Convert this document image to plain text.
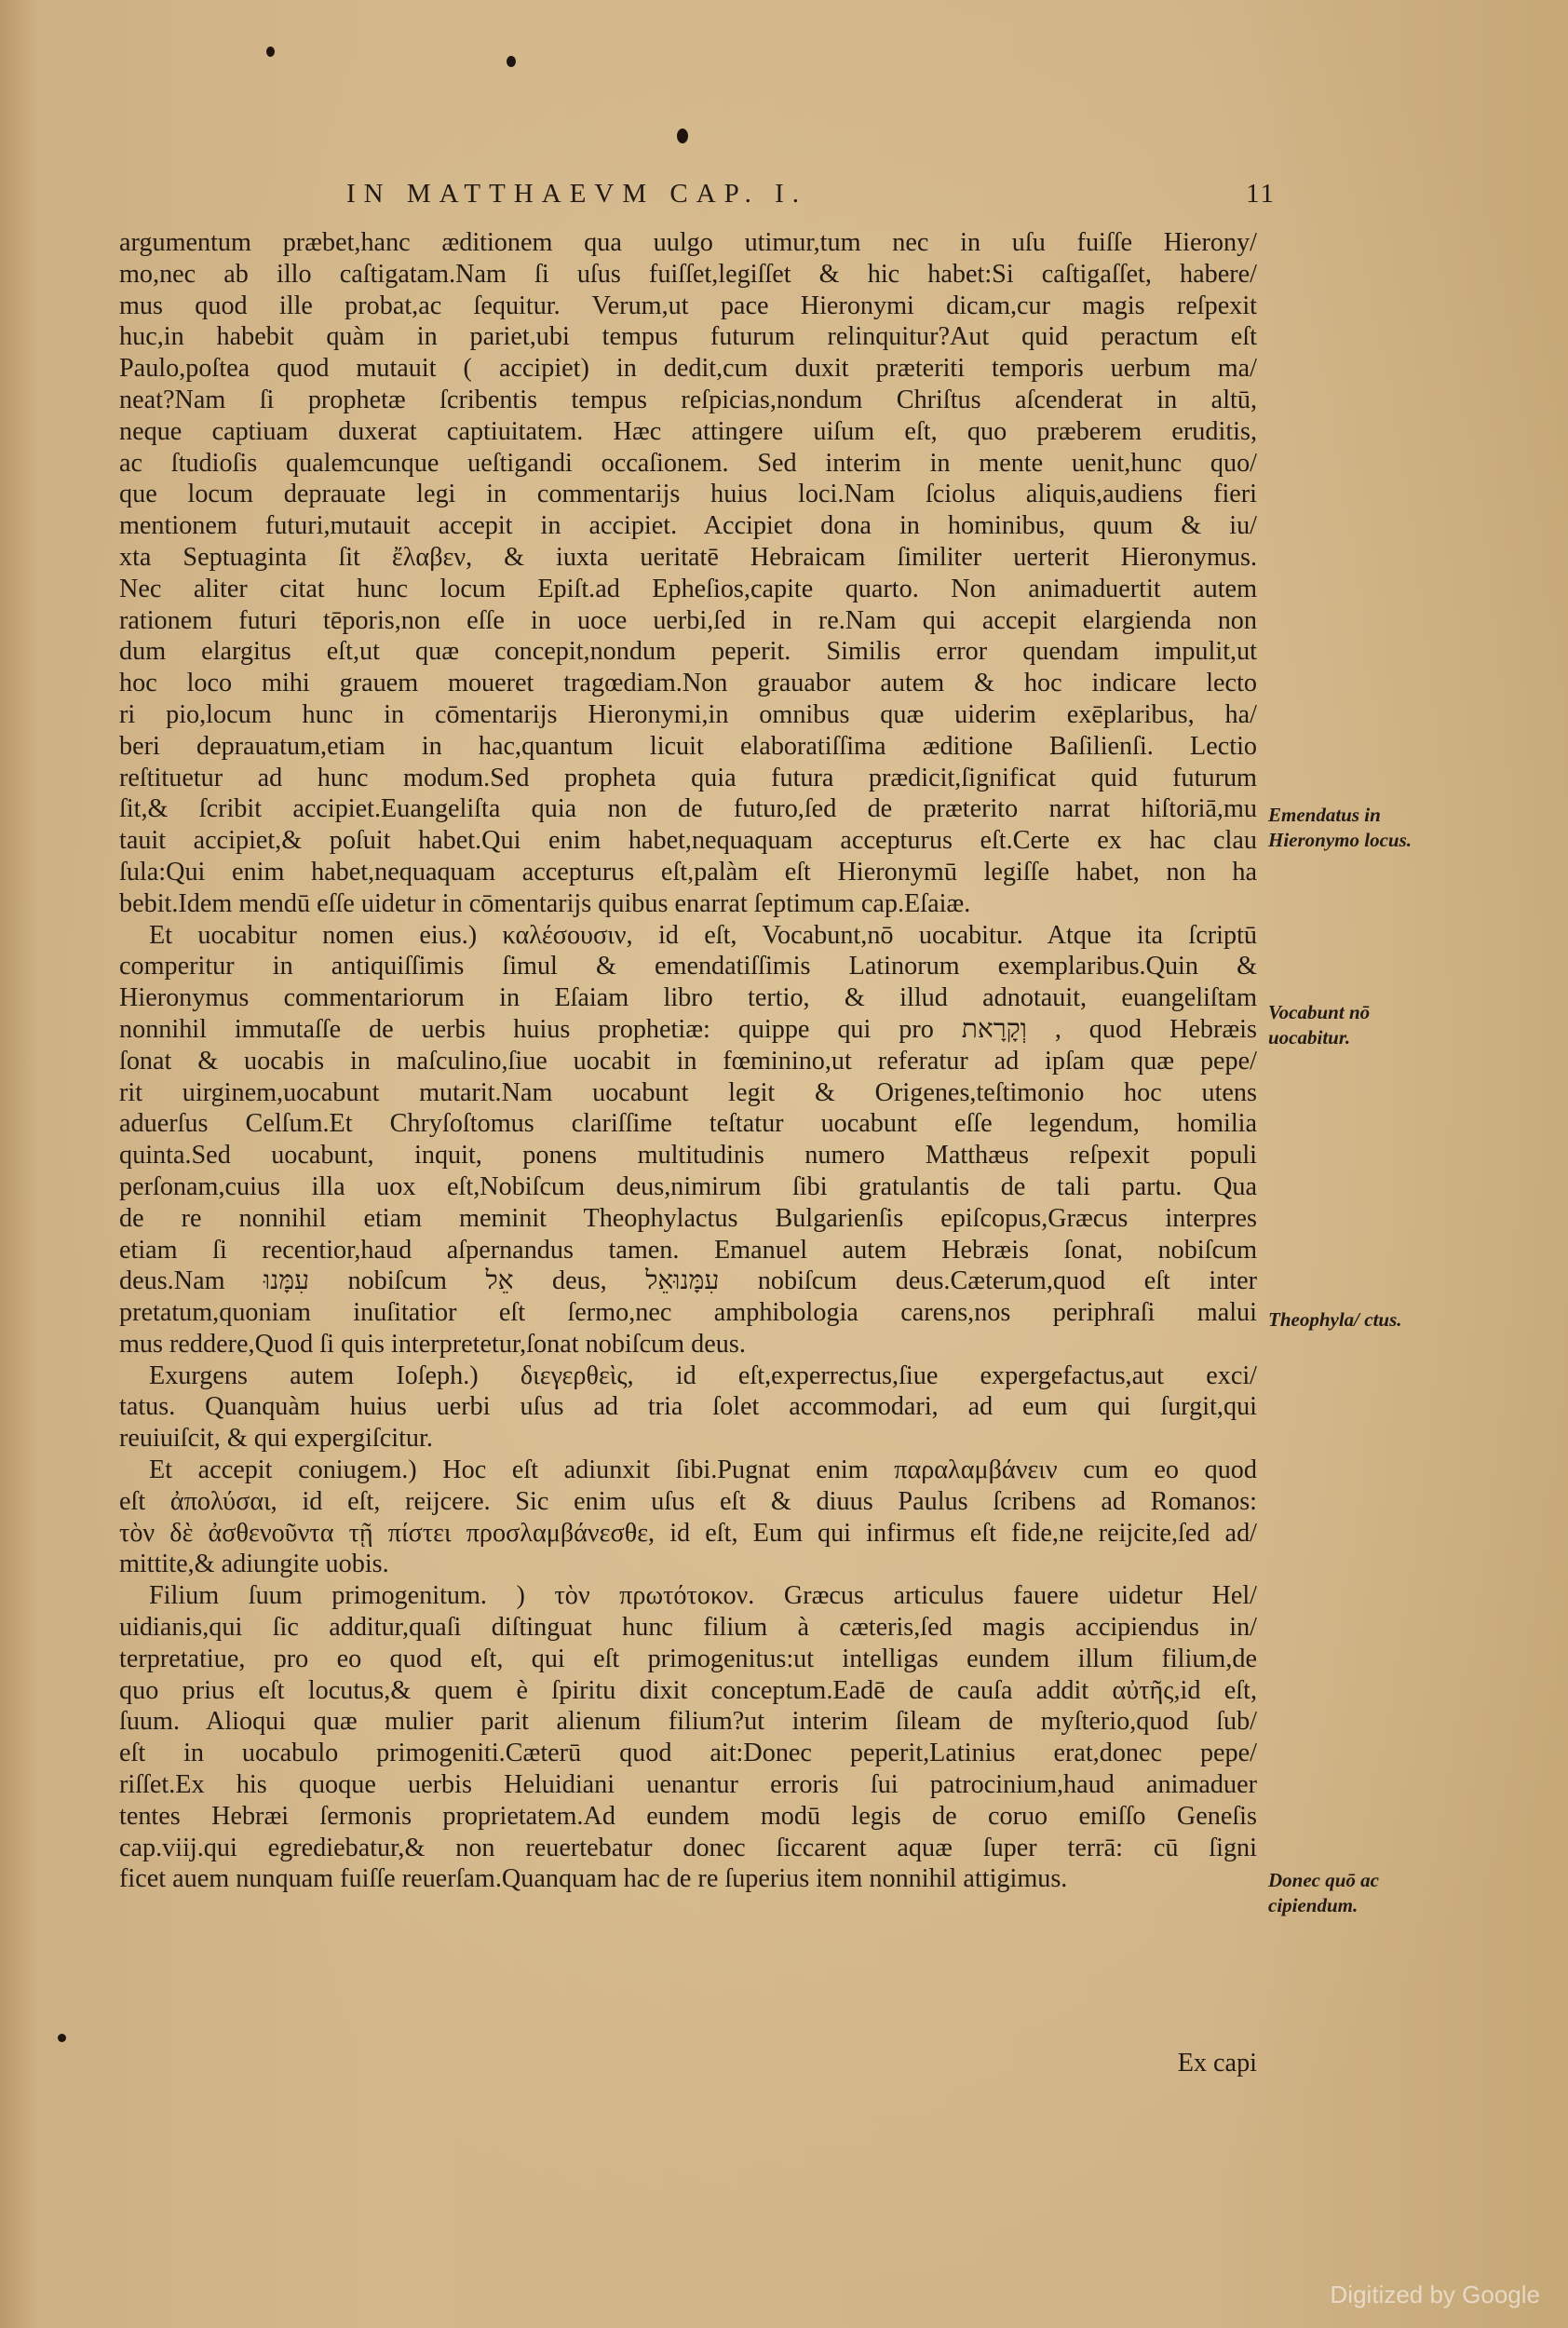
IN MATTHAEVM CAP. I.	11
argumentum præbet,hanc æditionem qua uulgo utimur,tum nec in uſu fuiſſe Hierony/
mo,nec ab illo caſtigatam.Nam ſi uſus fuiſſet,legiſſet & hic habet:Si caſtigaſſet, habere/
mus quod ille probat,ac ſequitur. Verum,ut pace Hieronymi dicam,cur magis reſpexit
huc,in habebit quàm in pariet,ubi tempus futurum relinquitur?Aut quid peractum eſt
Paulo,poſtea quod mutauit ( accipiet) in dedit,cum duxit præteriti temporis uerbum ma/
neat?Nam ſi prophetæ ſcribentis tempus reſpicias,nondum Chriſtus aſcenderat in altū,
neque captiuam duxerat captiuitatem. Hæc attingere uiſum eſt, quo præberem eruditis,
ac ſtudioſis qualemcunque ueſtigandi occaſionem. Sed interim in mente uenit,hunc quo/
que locum deprauate legi in commentarijs huius loci.Nam ſciolus aliquis,audiens fieri
mentionem futuri,mutauit accepit in accipiet. Accipiet dona in hominibus, quum & iu/
xta Septuaginta ſit ἔλαβεν, & iuxta ueritatē Hebraicam ſimiliter uerterit Hieronymus.
Nec aliter citat hunc locum Epiſt.ad Epheſios,capite quarto. Non animaduertit autem
rationem futuri tēporis,non eſſe in uoce uerbi,ſed in re.Nam qui accepit elargienda non
dum elargitus eſt,ut quæ concepit,nondum peperit. Similis error quendam impulit,ut
hoc loco mihi grauem moueret tragœdiam.Non grauabor autem & hoc indicare lecto
ri pio,locum hunc in cōmentarijs Hieronymi,in omnibus quæ uiderim exēplaribus, ha/
beri deprauatum,etiam in hac,quantum licuit elaboratiſſima æditione Baſilienſi. Lectio
reſtituetur ad hunc modum.Sed propheta quia futura prædicit,ſignificat quid futurum
ſit,& ſcribit accipiet.Euangeliſta quia non de futuro,ſed de præterito narrat hiſtoriā,mu
tauit accipiet,& poſuit habet.Qui enim habet,nequaquam accepturus eſt.Certe ex hac clau
ſula:Qui enim habet,nequaquam accepturus eſt,palàm eſt Hieronymū legiſſe habet, non ha
bebit.Idem mendū eſſe uidetur in cōmentarijs quibus enarrat ſeptimum cap.Eſaiæ.
Et uocabitur nomen eius.) καλέσουσιν, id eſt, Vocabunt,nō uocabitur. Atque ita ſcriptū
comperitur in antiquiſſimis ſimul & emendatiſſimis Latinorum exemplaribus.Quin &
Hieronymus commentariorum in Eſaiam libro tertio, & illud adnotauit, euangeliſtam
nonnihil immutaſſe de uerbis huius prophetiæ: quippe qui pro וְקָרָאת , quod Hebræis
ſonat & uocabis in maſculino,ſiue uocabit in fœminino,ut referatur ad ipſam quæ pepe/
rit uirginem,uocabunt mutarit.Nam uocabunt legit & Origenes,teſtimonio hoc utens
aduerſus Celſum.Et Chryſoſtomus clariſſime teſtatur uocabunt eſſe legendum, homilia
quinta.Sed uocabunt, inquit, ponens multitudinis numero Matthæus reſpexit populi
perſonam,cuius illa uox eſt,Nobiſcum deus,nimirum ſibi gratulantis de tali partu. Qua
de re nonnihil etiam meminit Theophylactus Bulgarienſis epiſcopus,Græcus interpres
etiam ſi recentior,haud aſpernandus tamen. Emanuel autem Hebræis ſonat, nobiſcum
deus.Nam עִמָּנוּ nobiſcum אֵל deus, עִמָּנוּאֵל nobiſcum deus.Cæterum,quod eſt inter
pretatum,quoniam inuſitatior eſt ſermo,nec amphibologia carens,nos periphraſi malui
mus reddere,Quod ſi quis interpretetur,ſonat nobiſcum deus.
Exurgens autem Ioſeph.) διεγερθεὶς, id eſt,experrectus,ſiue expergefactus,aut exci/
tatus. Quanquàm huius uerbi uſus ad tria ſolet accommodari, ad eum qui ſurgit,qui
reuiuiſcit, & qui expergiſcitur.
Et accepit coniugem.) Hoc eſt adiunxit ſibi.Pugnat enim παραλαμβάνειν cum eo quod
eſt ἀπολύσαι, id eſt, reijcere. Sic enim uſus eſt & diuus Paulus ſcribens ad Romanos:
τὸν δὲ ἀσθενοῦντα τῇ πίστει προσλαμβάνεσθε, id eſt, Eum qui infirmus eſt fide,ne reijcite,ſed ad/
mittite,& adiungite uobis.
Filium ſuum primogenitum. ) τὸν πρωτότοκον. Græcus articulus fauere uidetur Hel/
uidianis,qui ſic additur,quaſi diſtinguat hunc filium à cæteris,ſed magis accipiendus in/
terpretatiue, pro eo quod eſt, qui eſt primogenitus:ut intelligas eundem illum filium,de
quo prius eſt locutus,& quem è ſpiritu dixit conceptum.Eadē de cauſa addit αὐτῆς,id eſt,
ſuum. Alioqui quæ mulier parit alienum filium?ut interim ſileam de myſterio,quod ſub/
eſt in uocabulo primogeniti.Cæterū quod ait:Donec peperit,Latinius erat,donec pepe/
riſſet.Ex his quoque uerbis Heluidiani uenantur erroris ſui patrocinium,haud animaduer
tentes Hebræi ſermonis proprietatem.Ad eundem modū legis de coruo emiſſo Geneſis
cap.viij.qui egrediebatur,& non reuertebatur donec ſiccarent aquæ ſuper terrā: cū ſigni
ficet auem nunquam fuiſſe reuerſam.Quanquam hac de re ſuperius item nonnihil attigimus.
Ex capi
Emendatus in Hieronymo locus.
Vocabunt nō uocabitur.
Theophyla/ ctus.
Donec quō ac cipiendum.
Digitized by Google
